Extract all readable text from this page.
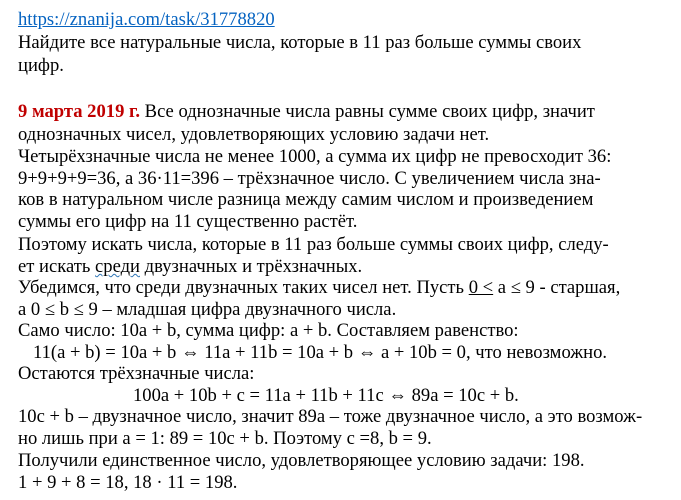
https://znanija.com/task/31778820
Найдите все натуральные числа, которые в 11 раз больше суммы своих
цифр.
9 марта 2019 г. Все однозначные числа равны сумме своих цифр, значит
однозначных чисел, удовлетворяющих условию задачи нет.
Четырёхзначные числа не менее 1000, а сумма их цифр не превосходит 36:
9+9+9+9=36, а 36·11=396 – трёхзначное число. С увеличением числа зна-
ков в натуральном числе разница между самим числом и произведением
суммы его цифр на 11 существенно растёт.
Поэтому искать числа, которые в 11 раз больше суммы своих цифр, следу-
ет искать среди двузначных и трёхзначных.
Убедимся, что среди двузначных таких чисел нет. Пусть 0 < a ≤ 9 - старшая,
а 0 ≤ b ≤ 9 – младшая цифра двузначного числа.
Само число: 10a + b, сумма цифр: a + b. Составляем равенство:
11(a + b) = 10a + b ⇔ 11a + 11b = 10a + b ⇔ a + 10b = 0, что невозможно.
Остаются трёхзначные числа:
100a + 10b + c = 11a + 11b + 11c ⇔ 89a = 10c + b.
10c + b – двузначное число, значит 89a – тоже двузначное число, а это возмож-
но лишь при a = 1: 89 = 10c + b. Поэтому c =8, b = 9.
Получили единственное число, удовлетворяющее условию задачи: 198.
1 + 9 + 8 = 18, 18 · 11 = 198.
